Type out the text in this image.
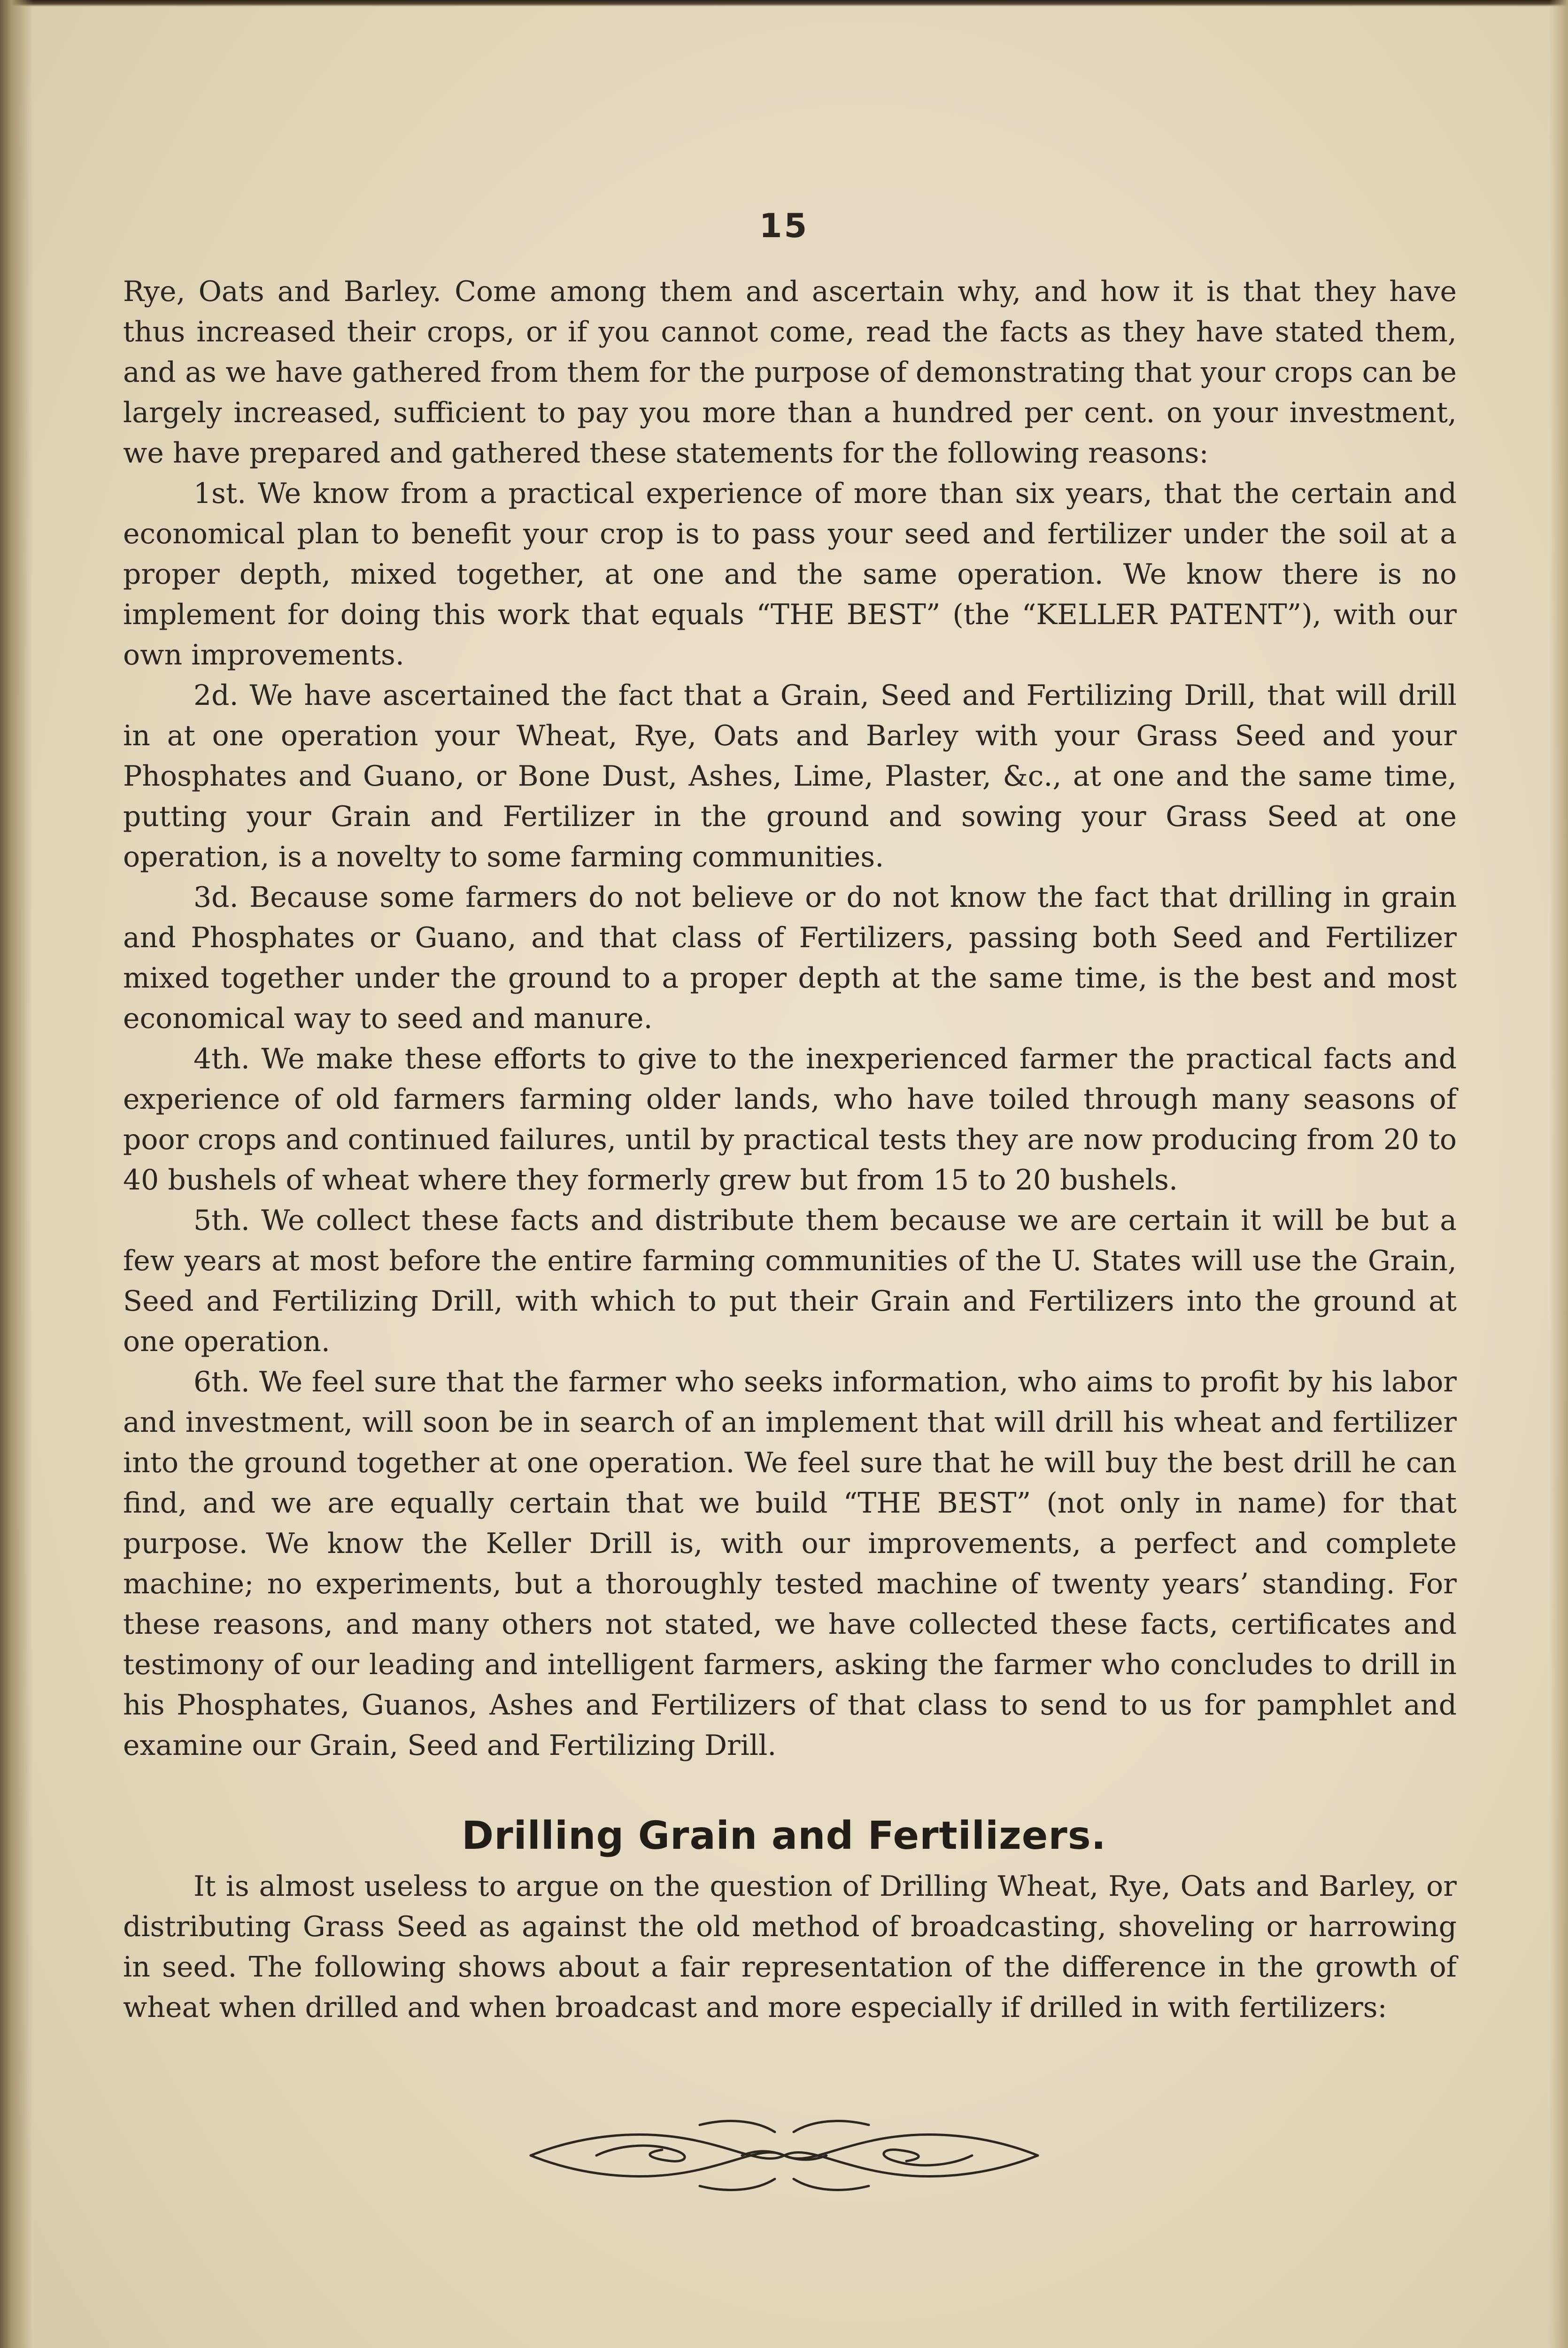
15

Rye, Oats and Barley. Come among them and ascertain why, and how it is that they have thus increased their crops, or if you cannot come, read the facts as they have stated them, and as we have gathered from them for the purpose of demonstrating that your crops can be largely increased, sufficient to pay you more than a hundred per cent. on your investment, we have prepared and gathered these statements for the following reasons:

1st. We know from a practical experience of more than six years, that the certain and economical plan to benefit your crop is to pass your seed and fertilizer under the soil at a proper depth, mixed together, at one and the same operation. We know there is no implement for doing this work that equals “THE BEST” (the “KELLER PATENT”), with our own improvements.

2d. We have ascertained the fact that a Grain, Seed and Fertilizing Drill, that will drill in at one operation your Wheat, Rye, Oats and Barley with your Grass Seed and your Phosphates and Guano, or Bone Dust, Ashes, Lime, Plaster, &c., at one and the same time, putting your Grain and Fertilizer in the ground and sowing your Grass Seed at one operation, is a novelty to some farming communities.

3d. Because some farmers do not believe or do not know the fact that drilling in grain and Phosphates or Guano, and that class of Fertilizers, passing both Seed and Fertilizer mixed together under the ground to a proper depth at the same time, is the best and most economical way to seed and manure.

4th. We make these efforts to give to the inexperienced farmer the practical facts and experience of old farmers farming older lands, who have toiled through many seasons of poor crops and continued failures, until by practical tests they are now producing from 20 to 40 bushels of wheat where they formerly grew but from 15 to 20 bushels.

5th. We collect these facts and distribute them because we are certain it will be but a few years at most before the entire farming communities of the U. States will use the Grain, Seed and Fertilizing Drill, with which to put their Grain and Fertilizers into the ground at one operation.

6th. We feel sure that the farmer who seeks information, who aims to profit by his labor and investment, will soon be in search of an implement that will drill his wheat and fertilizer into the ground together at one operation. We feel sure that he will buy the best drill he can find, and we are equally certain that we build “THE BEST” (not only in name) for that purpose. We know the Keller Drill is, with our improvements, a perfect and complete machine; no experiments, but a thoroughly tested machine of twenty years’ standing. For these reasons, and many others not stated, we have collected these facts, certificates and testimony of our leading and intelligent farmers, asking the farmer who concludes to drill in his Phosphates, Guanos, Ashes and Fertilizers of that class to send to us for pamphlet and examine our Grain, Seed and Fertilizing Drill.

Drilling Grain and Fertilizers.

It is almost useless to argue on the question of Drilling Wheat, Rye, Oats and Barley, or distributing Grass Seed as against the old method of broadcasting, shoveling or harrowing in seed. The following shows about a fair representation of the difference in the growth of wheat when drilled and when broadcast and more especially if drilled in with fertilizers:
